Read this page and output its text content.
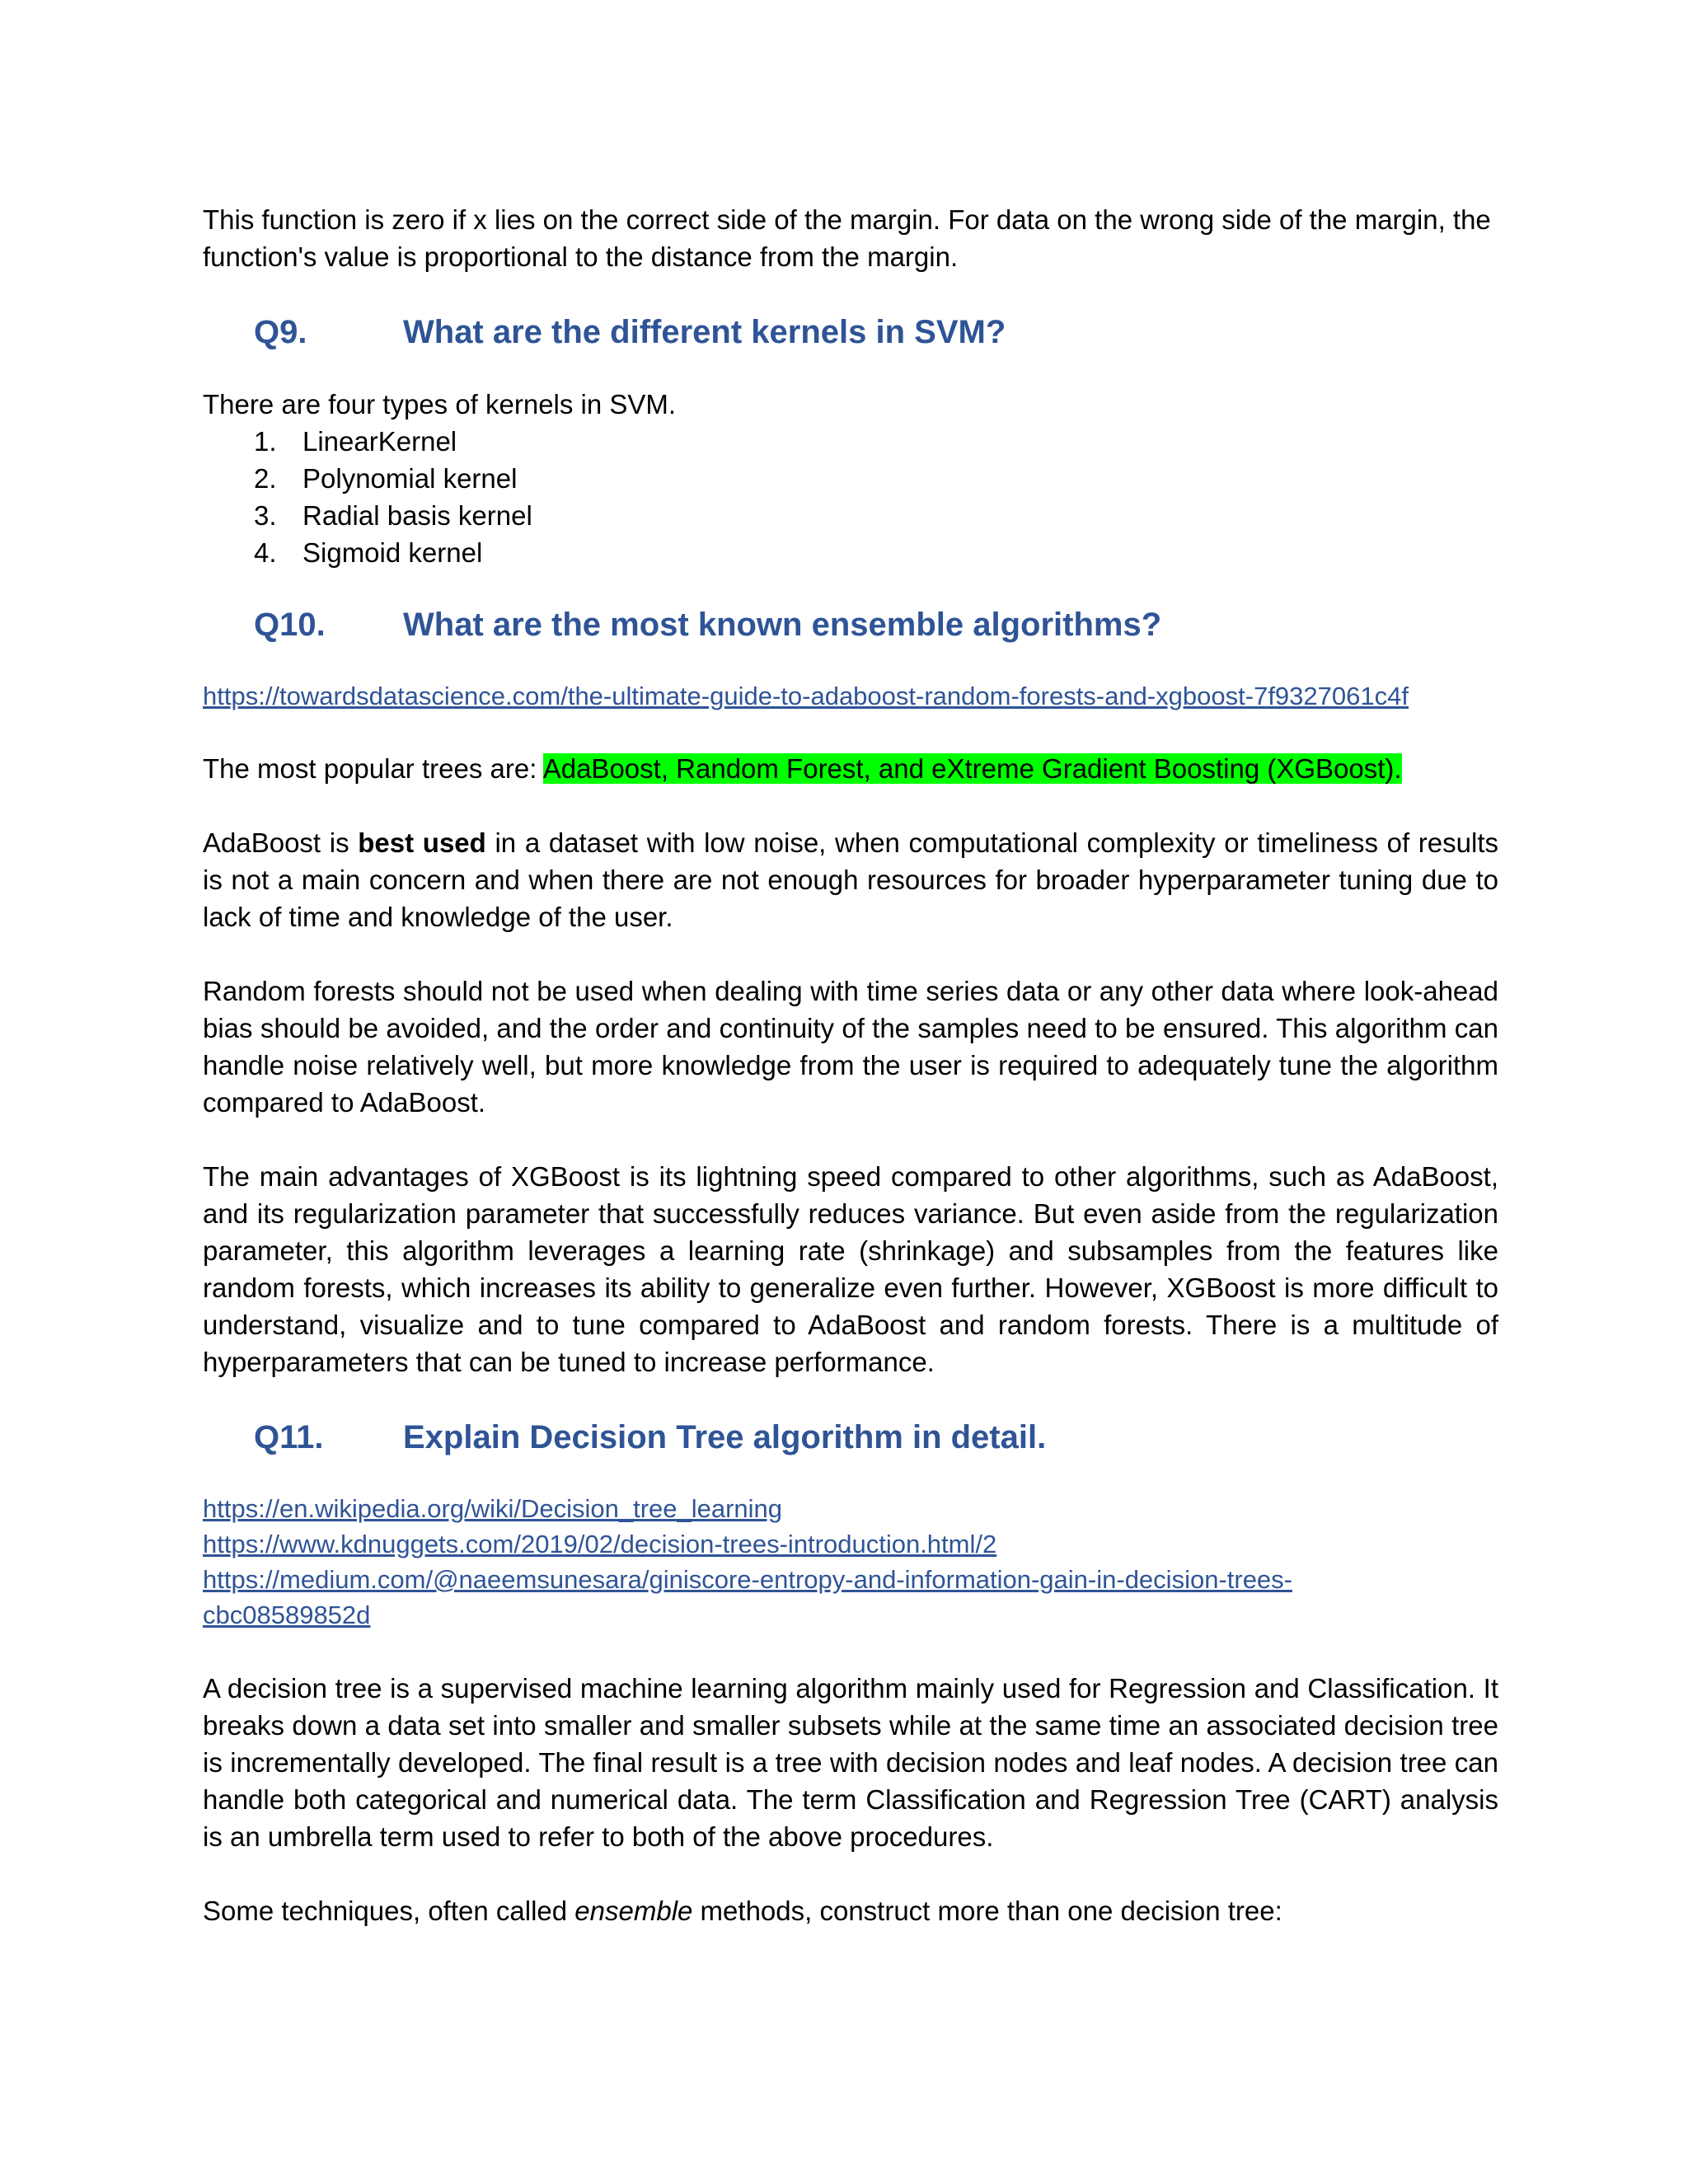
This function is zero if x lies on the correct side of the margin. For data on the wrong side of the margin, the function's value is proportional to the distance from the margin.

Q9.	What are the different kernels in SVM?

There are four types of kernels in SVM.

1. LinearKernel
2. Polynomial kernel
3. Radial basis kernel
4. Sigmoid kernel
Q10. What are the most known ensemble algorithms?
https://towardsdatascience.com/the-ultimate-guide-to-adaboost-random-forests-and-xgboost-7f9327061c4f

The most popular trees are: AdaBoost, Random Forest, and eXtreme Gradient Boosting (XGBoost).

AdaBoost is best used in a dataset with low noise, when computational complexity or timeliness of results is not a main concern and when there are not enough resources for broader hyperparameter tuning due to lack of time and knowledge of the user.

Random forests should not be used when dealing with time series data or any other data where look-ahead bias should be avoided, and the order and continuity of the samples need to be ensured. This algorithm can handle noise relatively well, but more knowledge from the user is required to adequately tune the algorithm compared to AdaBoost.

The main advantages of XGBoost is its lightning speed compared to other algorithms, such as AdaBoost, and its regularization parameter that successfully reduces variance. But even aside from the regularization parameter, this algorithm leverages a learning rate (shrinkage) and subsamples from the features like random forests, which increases its ability to generalize even further. However, XGBoost is more difficult to understand, visualize and to tune compared to AdaBoost and random forests. There is a multitude of hyperparameters that can be tuned to increase performance.

Q11. Explain Decision Tree algorithm in detail.
https://en.wikipedia.org/wiki/Decision_tree_learning
https://www.kdnuggets.com/2019/02/decision-trees-introduction.html/2
https://medium.com/@naeemsunesara/giniscore-entropy-and-information-gain-in-decision-trees-
cbc08589852d

A decision tree is a supervised machine learning algorithm mainly used for Regression and Classification. It breaks down a data set into smaller and smaller subsets while at the same time an associated decision tree is incrementally developed. The final result is a tree with decision nodes and leaf nodes. A decision tree can handle both categorical and numerical data. The term Classification and Regression Tree (CART) analysis is an umbrella term used to refer to both of the above procedures.

Some techniques, often called ensemble methods, construct more than one decision tree:
